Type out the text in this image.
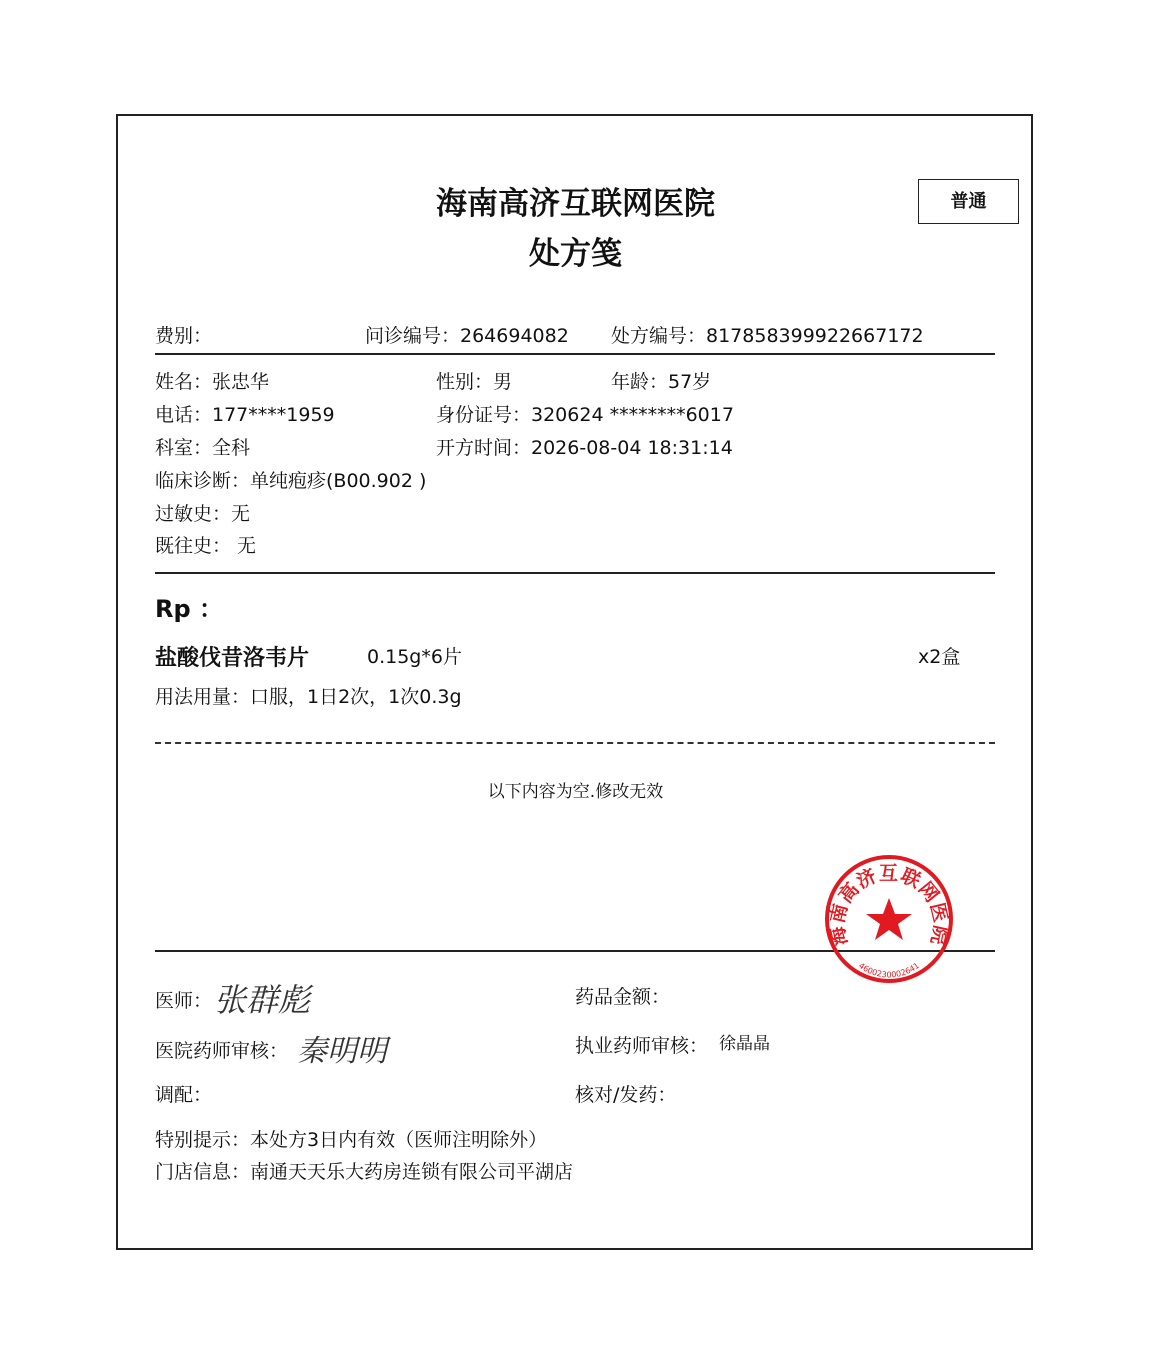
海南高济互联网医院
处方笺
普通
费别：	问诊编号：264694082 处方编号：817858399922667172
姓名：张忠华	性别：男	年龄：57岁
电话：177****1959	身份证号：320624 ********6017
科室：全科	开方时间：2026-08-04 18:31:14
临床诊断：单纯疱疹(B00.902 )
过敏史：无
既往史： 无
Rp ：
盐酸伐昔洛韦片	0.15g*6片	x2盒
用法用量：口服，1日2次，1次0.3g
以下内容为空.修改无效
海南高济互联网医院
4600230002641
医师： 张群彪	药品金额：
医院药师审核： 秦明明	执业药师审核： 徐晶晶
调配：	核对/发药：
特别提示：本处方3日内有效（医师注明除外）
门店信息：南通天天乐大药房连锁有限公司平湖店
